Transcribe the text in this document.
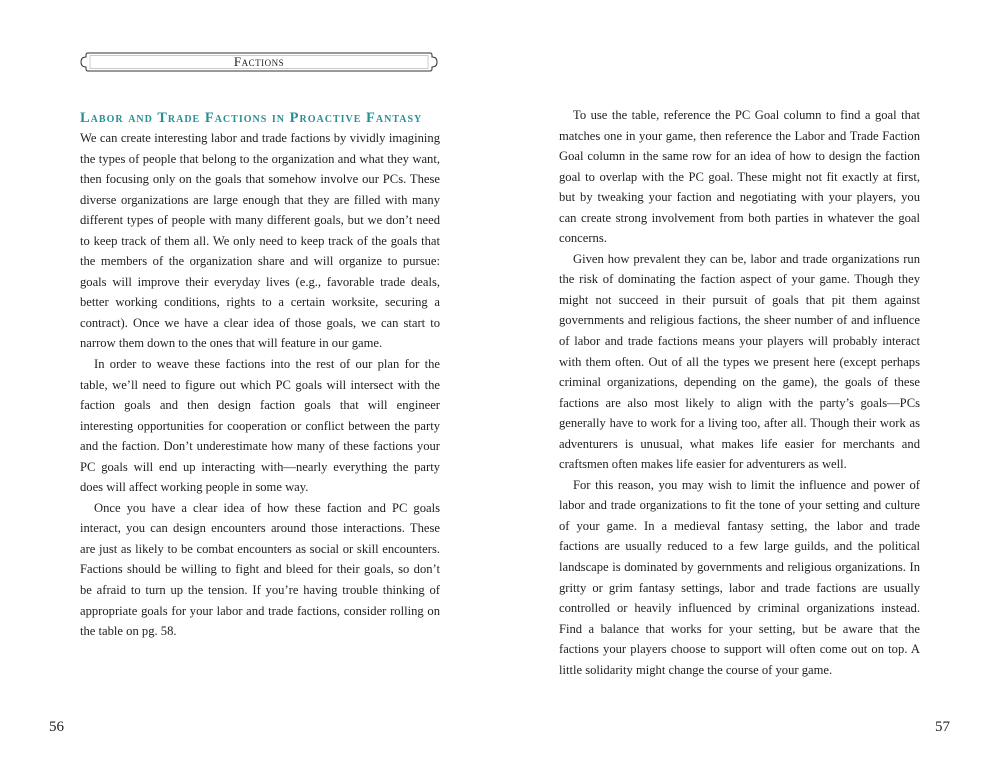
Factions
Labor and Trade Factions in Proactive Fantasy

We can create interesting labor and trade factions by vividly imagining the types of people that belong to the organization and what they want, then focusing only on the goals that somehow involve our PCs. These diverse organizations are large enough that they are filled with many different types of people with many different goals, but we don’t need to keep track of them all. We only need to keep track of the goals that the members of the organization share and will organize to pursue: goals will improve their everyday lives (e.g., favorable trade deals, better working conditions, rights to a certain worksite, securing a contract). Once we have a clear idea of those goals, we can start to narrow them down to the ones that will feature in our game.

In order to weave these factions into the rest of our plan for the table, we’ll need to figure out which PC goals will intersect with the faction goals and then design faction goals that will engineer interesting opportunities for cooperation or conflict between the party and the faction. Don’t underestimate how many of these factions your PC goals will end up interacting with—nearly everything the party does will affect working people in some way.

Once you have a clear idea of how these faction and PC goals interact, you can design encounters around those interactions. These are just as likely to be combat encounters as social or skill encounters. Factions should be willing to fight and bleed for their goals, so don’t be afraid to turn up the tension. If you’re having trouble thinking of appropriate goals for your labor and trade factions, consider rolling on the table on pg. 58.

To use the table, reference the PC Goal column to find a goal that matches one in your game, then reference the Labor and Trade Faction Goal column in the same row for an idea of how to design the faction goal to overlap with the PC goal. These might not fit exactly at first, but by tweaking your faction and negotiating with your players, you can create strong involvement from both parties in whatever the goal concerns.

Given how prevalent they can be, labor and trade organizations run the risk of dominating the faction aspect of your game. Though they might not succeed in their pursuit of goals that pit them against governments and religious factions, the sheer number of and influence of labor and trade factions means your players will probably interact with them often. Out of all the types we present here (except perhaps criminal organizations, depending on the game), the goals of these factions are also most likely to align with the party’s goals—PCs generally have to work for a living too, after all. Though their work as adventurers is unusual, what makes life easier for merchants and craftsmen often makes life easier for adventurers as well.

For this reason, you may wish to limit the influence and power of labor and trade organizations to fit the tone of your setting and culture of your game. In a medieval fantasy setting, the labor and trade factions are usually reduced to a few large guilds, and the political landscape is dominated by governments and religious organizations. In gritty or grim fantasy settings, labor and trade factions are usually controlled or heavily influenced by criminal organizations instead. Find a balance that works for your setting, but be aware that the factions your players choose to support will often come out on top. A little solidarity might change the course of your game.

56	57
